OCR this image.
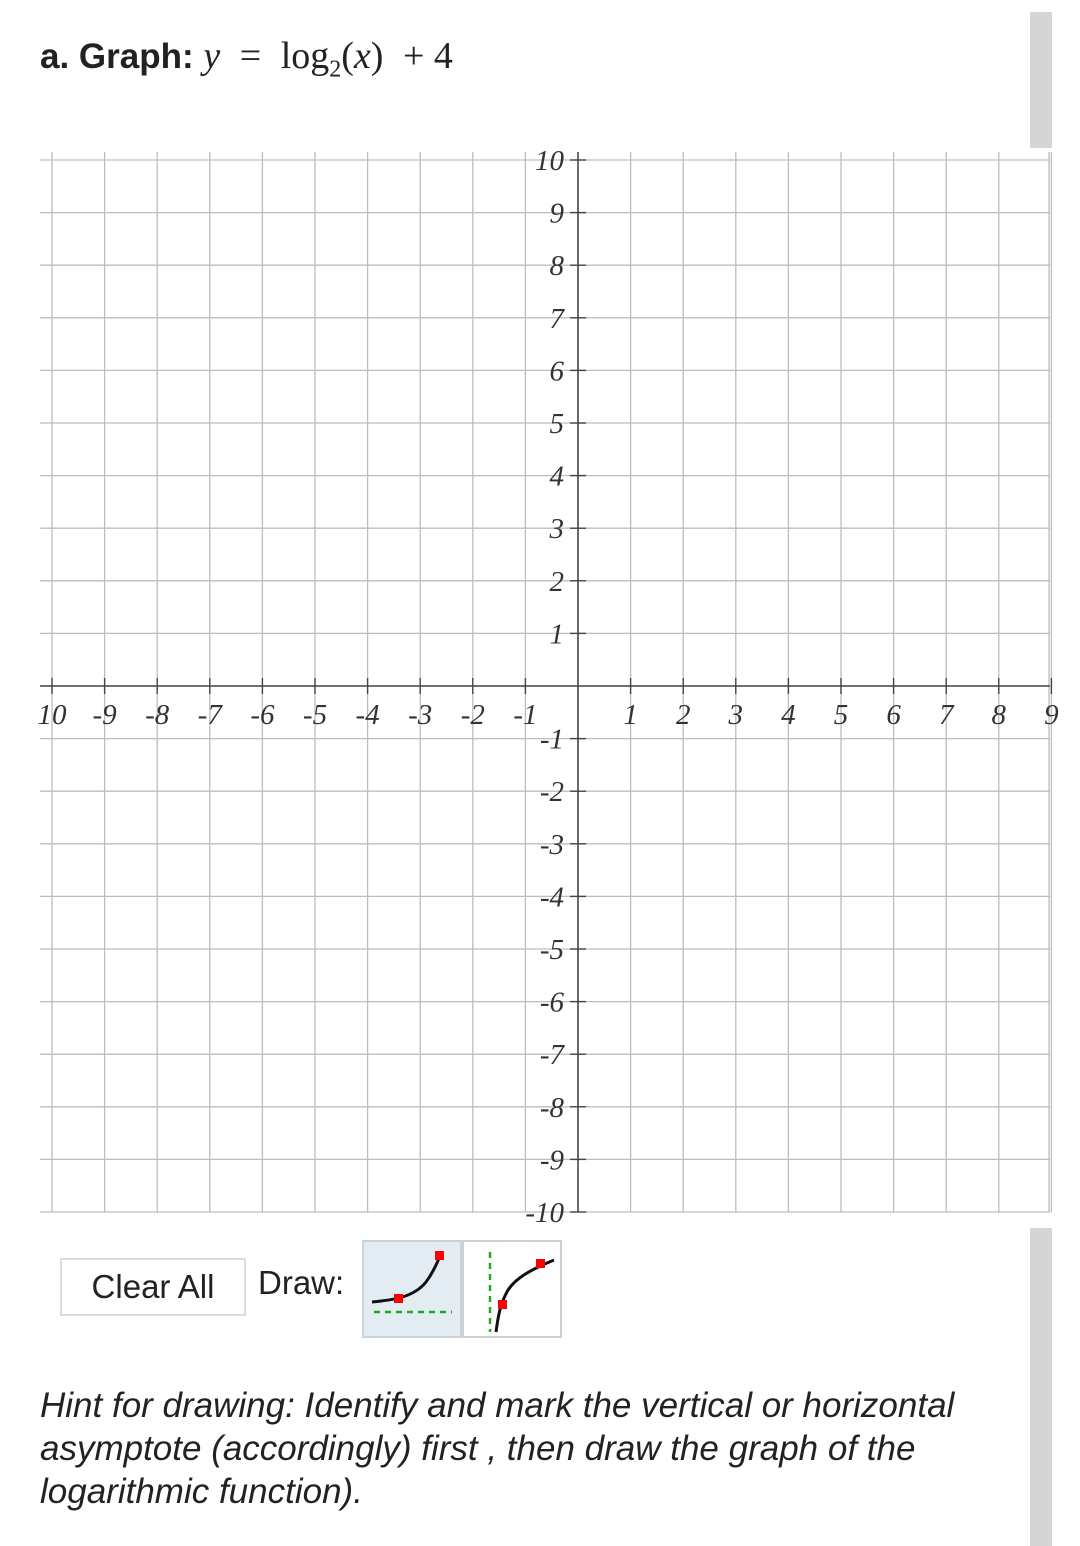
a. Graph: $y = \log_2(x) + 4$
10 -9 -8 -7 -6 -5 -4 -3 -2 -1	1 2 3 4 5 6 7 8 9
10
9
8
7
6
5
4
3
2
1
-1
-2
-3
-4
-5
-6
-7
-8
-9
-10
Clear All	Draw:
Hint for drawing: Identify and mark the vertical or horizontal asymptote (accordingly) first , then draw the graph of the logarithmic function).
